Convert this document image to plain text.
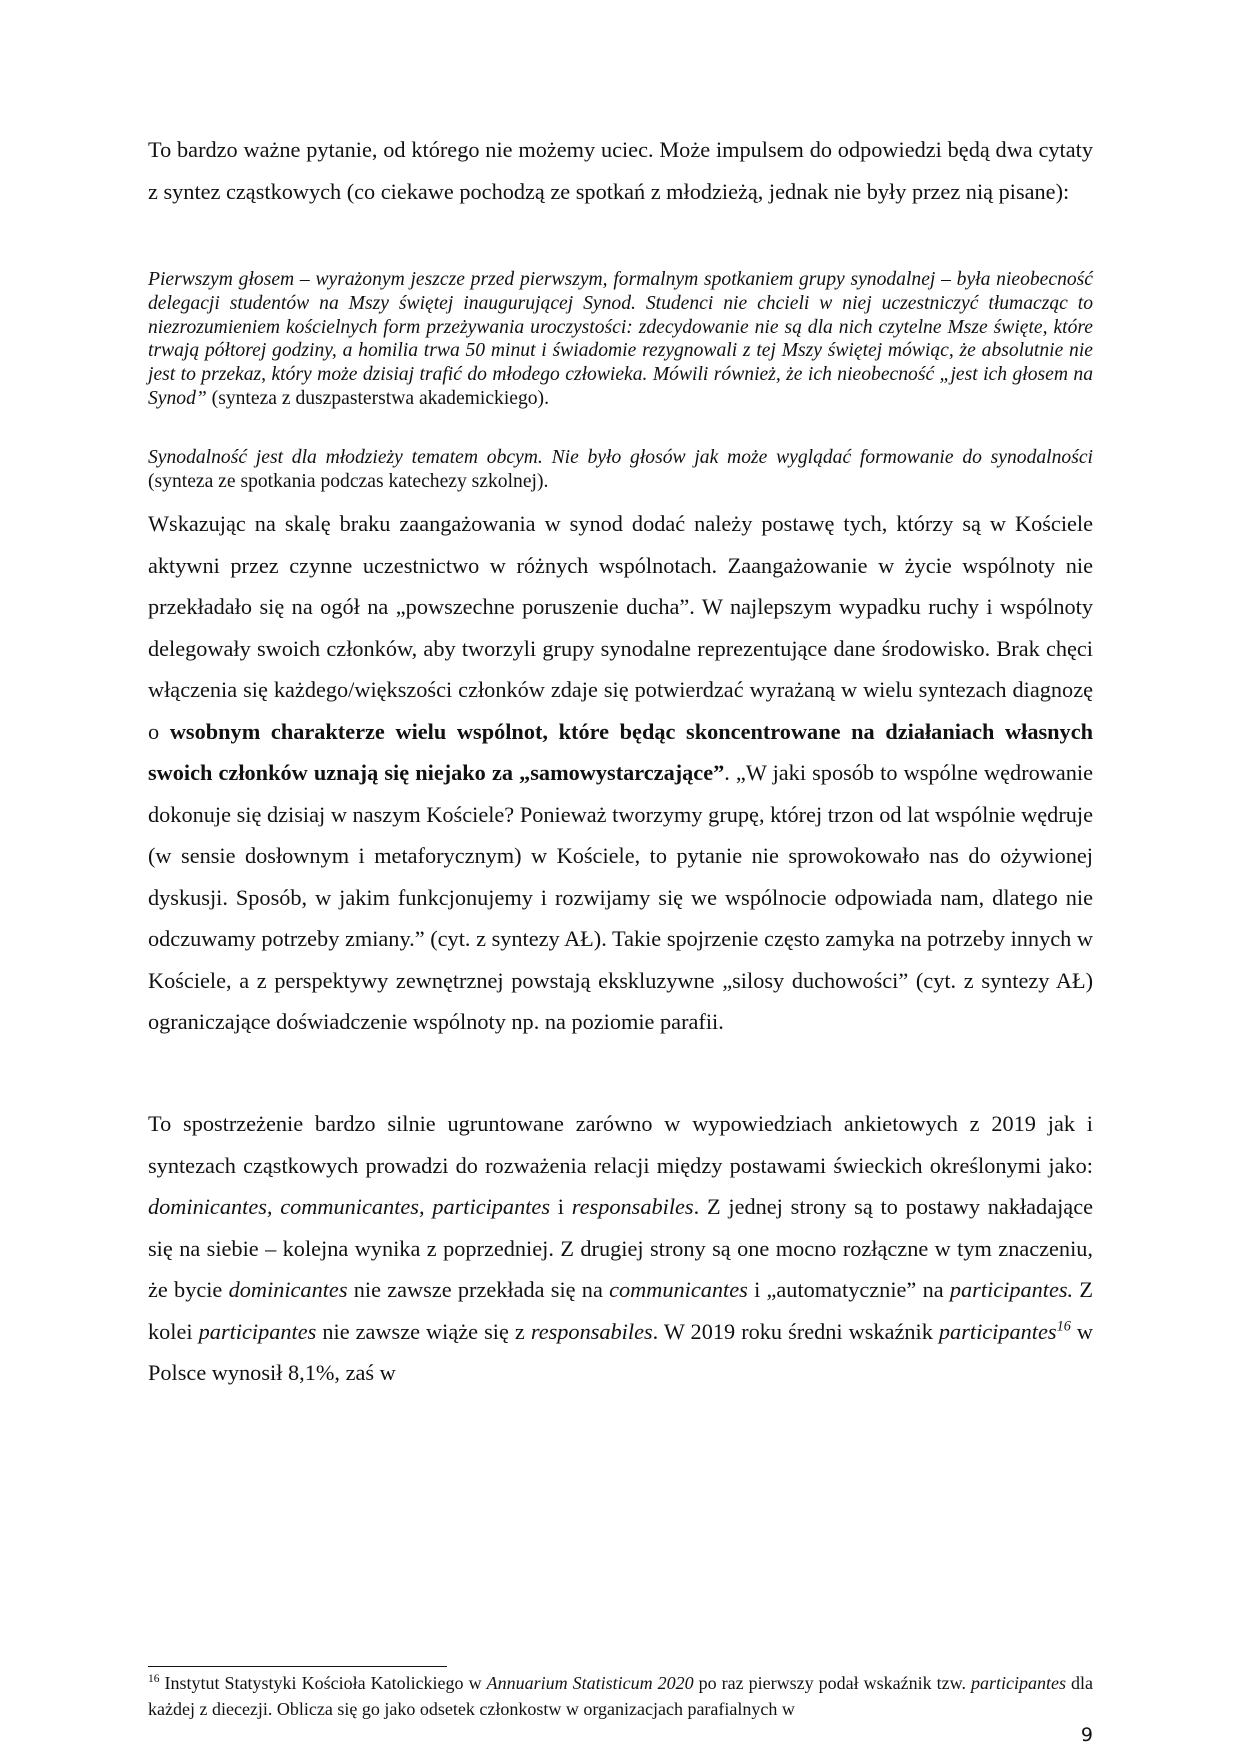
To bardzo ważne pytanie, od którego nie możemy uciec. Może impulsem do odpowiedzi będą dwa cytaty z syntez cząstkowych (co ciekawe pochodzą ze spotkań z młodzieżą, jednak nie były przez nią pisane):

Pierwszym głosem – wyrażonym jeszcze przed pierwszym, formalnym spotkaniem grupy synodalnej – była nieobecność delegacji studentów na Mszy świętej inaugurującej Synod. Studenci nie chcieli w niej uczestniczyć tłumacząc to niezrozumieniem kościelnych form przeżywania uroczystości: zdecydowanie nie są dla nich czytelne Msze święte, które trwają półtorej godziny, a homilia trwa 50 minut i świadomie rezygnowali z tej Mszy świętej mówiąc, że absolutnie nie jest to przekaz, który może dzisiaj trafić do młodego człowieka. Mówili również, że ich nieobecność „jest ich głosem na Synod” (synteza z duszpasterstwa akademickiego).

Synodalność jest dla młodzieży tematem obcym. Nie było głosów jak może wyglądać formowanie do synodalności (synteza ze spotkania podczas katechezy szkolnej).

Wskazując na skalę braku zaangażowania w synod dodać należy postawę tych, którzy są w Kościele aktywni przez czynne uczestnictwo w różnych wspólnotach. Zaangażowanie w życie wspólnoty nie przekładało się na ogół na „powszechne poruszenie ducha”. W najlepszym wypadku ruchy i wspólnoty delegowały swoich członków, aby tworzyli grupy synodalne reprezentujące dane środowisko. Brak chęci włączenia się każdego/większości członków zdaje się potwierdzać wyrażaną w wielu syntezach diagnozę o wsobnym charakterze wielu wspólnot, które będąc skoncentrowane na działaniach własnych swoich członków uznają się niejako za „samowystarczające”. „W jaki sposób to wspólne wędrowanie dokonuje się dzisiaj w naszym Kościele? Ponieważ tworzymy grupę, której trzon od lat wspólnie wędruje (w sensie dosłownym i metaforycznym) w Kościele, to pytanie nie sprowokowało nas do ożywionej dyskusji. Sposób, w jakim funkcjonujemy i rozwijamy się we wspólnocie odpowiada nam, dlatego nie odczuwamy potrzeby zmiany.” (cyt. z syntezy AŁ). Takie spojrzenie często zamyka na potrzeby innych w Kościele, a z perspektywy zewnętrznej powstają ekskluzywne „silosy duchowości” (cyt. z syntezy AŁ) ograniczające doświadczenie wspólnoty np. na poziomie parafii.

To spostrzeżenie bardzo silnie ugruntowane zarówno w wypowiedziach ankietowych z 2019 jak i syntezach cząstkowych prowadzi do rozważenia relacji między postawami świeckich określonymi jako: dominicantes, communicantes, participantes i responsabiles. Z jednej strony są to postawy nakładające się na siebie – kolejna wynika z poprzedniej. Z drugiej strony są one mocno rozłączne w tym znaczeniu, że bycie dominicantes nie zawsze przekłada się na communicantes i „automatycznie” na participantes. Z kolei participantes nie zawsze wiąże się z responsabiles. W 2019 roku średni wskaźnik participantes$^{16}$ w Polsce wynosił 8,1%, zaś w

$^{16}$ Instytut Statystyki Kościoła Katolickiego w Annuarium Statisticum 2020 po raz pierwszy podał wskaźnik tzw. participantes dla każdej z diecezji. Oblicza się go jako odsetek członkostw w organizacjach parafialnych w

9
